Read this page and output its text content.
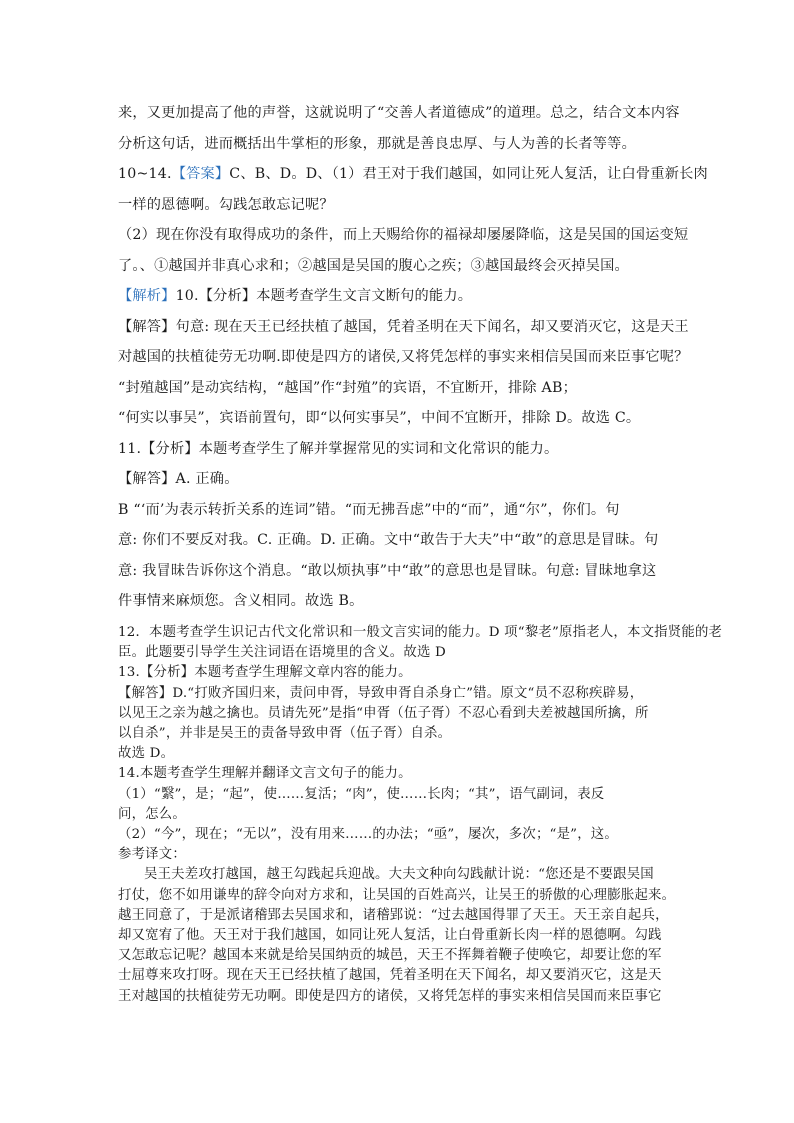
来，又更加提高了他的声誉，这就说明了“交善人者道德成”的道理。总之，结合文本内容

分析这句话，进而概括出牛掌柜的形象，那就是善良忠厚、与人为善的长者等等。

10~14.【答案】C、B、D。D、（1）君王对于我们越国，如同让死人复活，让白骨重新长肉

一样的恩德啊。勾践怎敢忘记呢？

（2）现在你没有取得成功的条件，而上天赐给你的福禄却屡屡降临，这是吴国的国运变短

了。、①越国并非真心求和；②越国是吴国的腹心之疾；③越国最终会灭掉吴国。

【解析】10.【分析】本题考查学生文言文断句的能力。

【解答】句意: 现在天王已经扶植了越国，凭着圣明在天下闻名，却又要消灭它，这是天王

对越国的扶植徒劳无功啊.即使是四方的诸侯,又将凭怎样的事实来相信吴国而来臣事它呢？

“封殖越国”是动宾结构，“越国”作“封殖”的宾语，不宜断开，排除 AB；

“何实以事吴”，宾语前置句，即“以何实事吴”，中间不宜断开，排除 D。故选 C。

11.【分析】本题考查学生了解并掌握常见的实词和文化常识的能力。

【解答】A. 正确。

B “‘而’为表示转折关系的连词”错。“而无拂吾虑”中的“而”，通“尔”，你们。句

意: 你们不要反对我。C. 正确。D. 正确。文中“敢告于大夫”中“敢”的意思是冒昧。句

意: 我冒昧告诉你这个消息。“敢以烦执事”中“敢”的意思也是冒昧。句意: 冒昧地拿这

件事情来麻烦您。含义相同。故选 B。

12．本题考查学生识记古代文化常识和一般文言实词的能力。D 项“黎老”原指老人，本文指贤能的老

臣。此题要引导学生关注词语在语境里的含义。故选 D

13.【分析】本题考查学生理解文章内容的能力。

【解答】D.“打败齐国归来，责问申胥，导致申胥自杀身亡”错。原文“员不忍称疾辟易，

以见王之亲为越之擒也。员请先死”是指“申胥（伍子胥）不忍心看到夫差被越国所擒，所

以自杀”，并非是吴王的责备导致申胥（伍子胥）自杀。

故选 D。

14.本题考查学生理解并翻译文言文句子的能力。

（1）“繄”，是；“起”，使……复活；“肉”，使……长肉；“其”，语气副词，表反

问，怎么。

（2）“今”，现在；“无以”，没有用来……的办法；“亟”，屡次，多次；“是”，这。

参考译文：

吴王夫差攻打越国，越王勾践起兵迎战。大夫文种向勾践献计说：“您还是不要跟吴国

打仗，您不如用谦卑的辞令向对方求和，让吴国的百姓高兴，让吴王的骄傲的心理膨胀起来。

越王同意了，于是派诸稽郢去吴国求和，诸稽郢说：“过去越国得罪了天王。天王亲自起兵，

却又宽宥了他。天王对于我们越国，如同让死人复活，让白骨重新长肉一样的恩德啊。勾践

又怎敢忘记呢？越国本来就是给吴国纳贡的城邑，天王不挥舞着鞭子使唤它，却要让您的军

士屈尊来攻打呀。现在天王已经扶植了越国，凭着圣明在天下闻名，却又要消灭它，这是天

王对越国的扶植徒劳无功啊。即使是四方的诸侯，又将凭怎样的事实来相信吴国而来臣事它
